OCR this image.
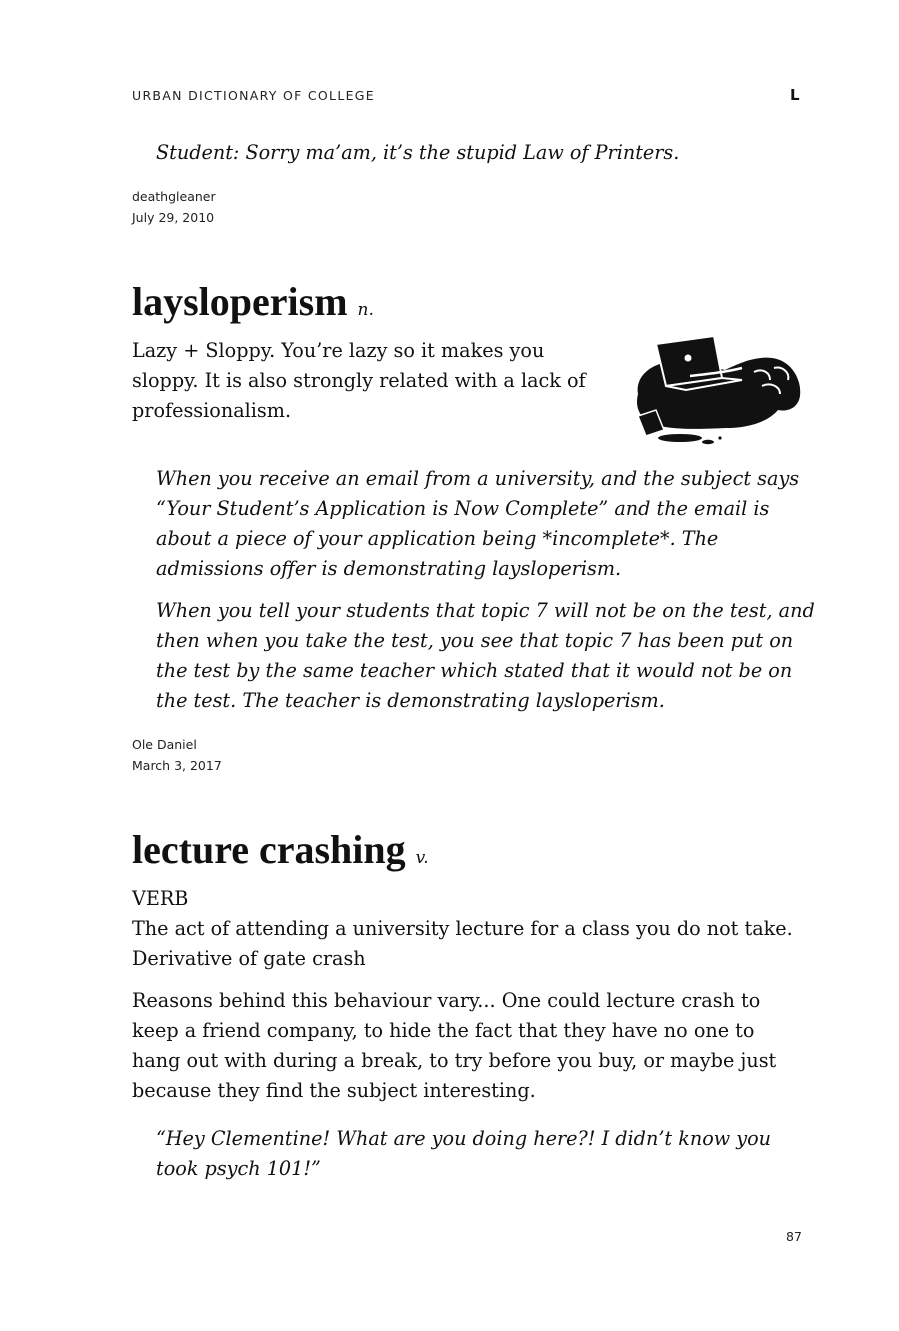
URBAN DICTIONARY OF COLLEGE	L

Student: Sorry ma’am, it’s the stupid Law of Printers.

deathgleaner
July 29, 2010
laysloperism n.

Lazy + Sloppy. You’re lazy so it makes you sloppy. It is also strongly related with a lack of professionalism.

When you receive an email from a university, and the subject says “Your Student’s Application is Now Complete” and the email is about a piece of your application being *incomplete*. The admissions offer is demonstrating laysloperism.

When you tell your students that topic 7 will not be on the test, and then when you take the test, you see that topic 7 has been put on the test by the same teacher which stated that it would not be on the test. The teacher is demonstrating laysloperism.

Ole Daniel
March 3, 2017
lecture crashing v.

VERB

The act of attending a university lecture for a class you do not take. Derivative of gate crash

Reasons behind this behaviour vary... One could lecture crash to keep a friend company, to hide the fact that they have no one to hang out with during a break, to try before you buy, or maybe just because they find the subject interesting.

“Hey Clementine! What are you doing here?! I didn’t know you took psych 101!”

87
